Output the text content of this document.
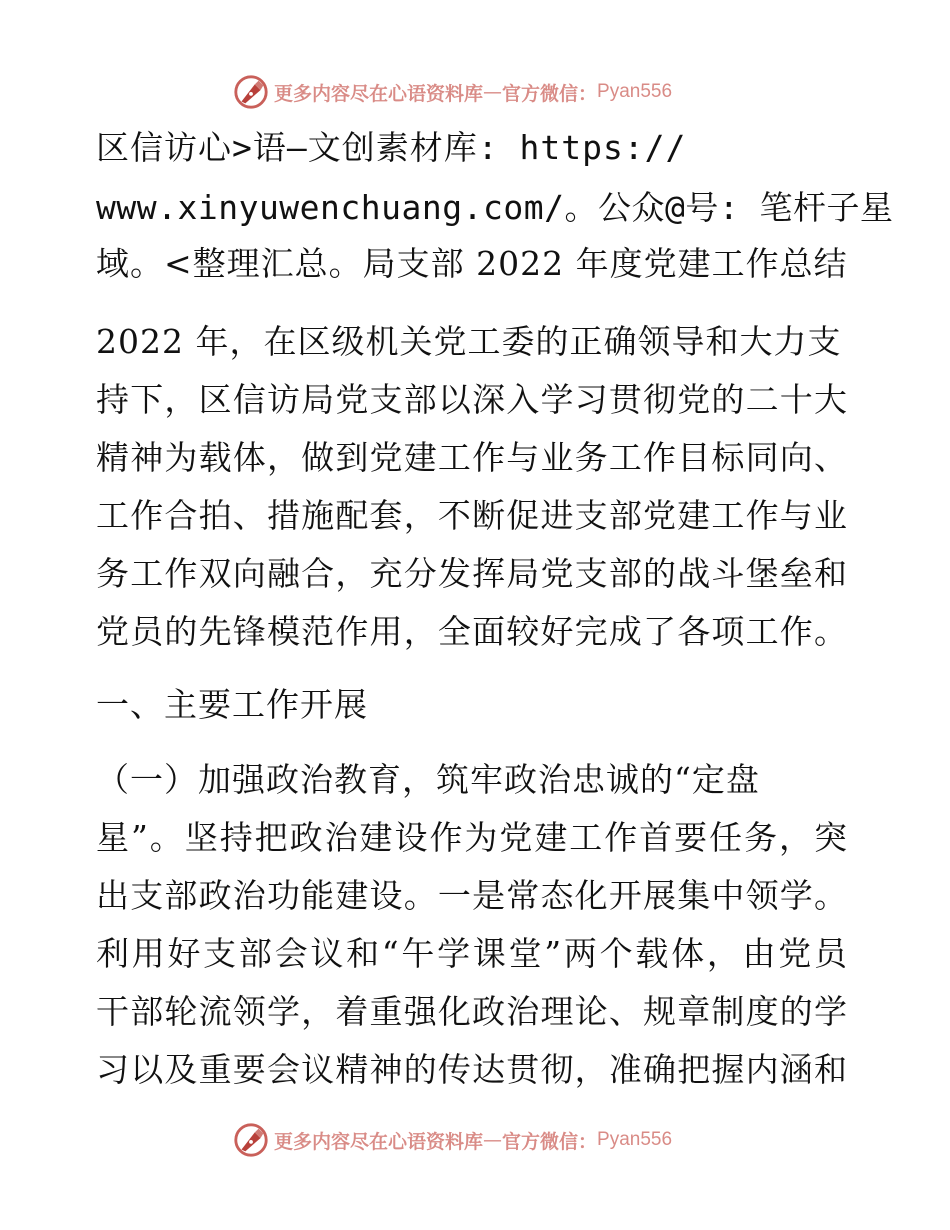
更多内容尽在心语资料库 — 官方微信： Pyan556
区信访心>语—文创素材库: https://
www.xinyuwenchuang.com/。公众@号: 笔杆子星
域。<整理汇总。局支部 2022 年度党建工作总结
2022 年，在区级机关党工委的正确领导和大力支
持下，区信访局党支部以深入学习贯彻党的二十大
精神为载体，做到党建工作与业务工作目标同向、
工作合拍、措施配套，不断促进支部党建工作与业
务工作双向融合，充分发挥局党支部的战斗堡垒和
党员的先锋模范作用，全面较好完成了各项工作。
一、主要工作开展
（一）加强政治教育，筑牢政治忠诚的“定盘
星”。坚持把政治建设作为党建工作首要任务，突
出支部政治功能建设。一是常态化开展集中领学。
利用好支部会议和“午学课堂”两个载体，由党员
干部轮流领学，着重强化政治理论、规章制度的学
习以及重要会议精神的传达贯彻，准确把握内涵和
更多内容尽在心语资料库 — 官方微信： Pyan556
